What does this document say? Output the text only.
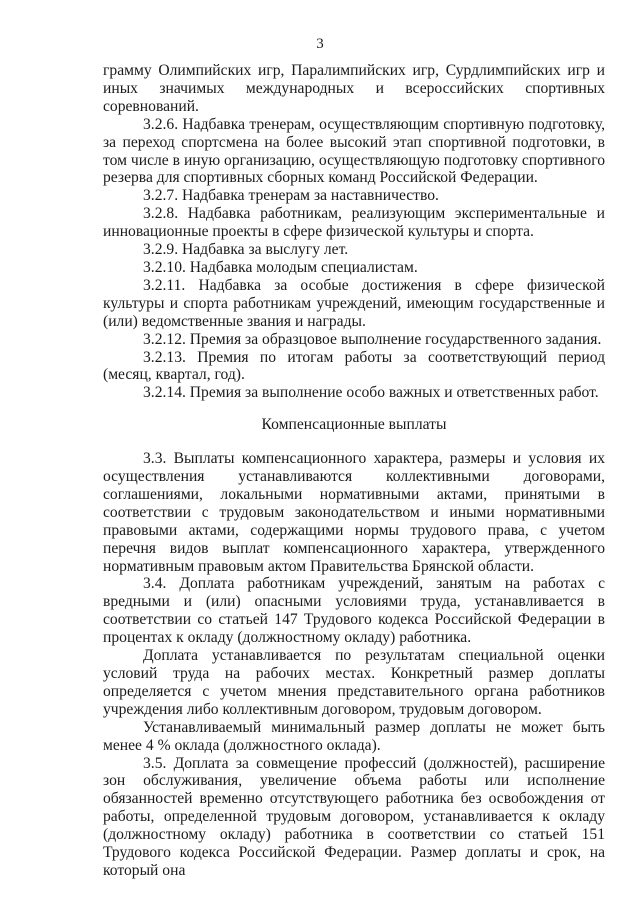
3

грамму Олимпийских игр, Паралимпийских игр, Сурдлимпийских игр и иных значимых международных и всероссийских спортивных соревнований.

3.2.6. Надбавка тренерам, осуществляющим спортивную подготовку, за переход спортсмена на более высокий этап спортивной подготовки, в том числе в иную организацию, осуществляющую подготовку спортивного резерва для спортивных сборных команд Российской Федерации.

3.2.7. Надбавка тренерам за наставничество.

3.2.8. Надбавка работникам, реализующим экспериментальные и инновационные проекты в сфере физической культуры и спорта.

3.2.9. Надбавка за выслугу лет.

3.2.10. Надбавка молодым специалистам.

3.2.11. Надбавка за особые достижения в сфере физической культуры и спорта работникам учреждений, имеющим государственные и (или) ведомственные звания и награды.

3.2.12. Премия за образцовое выполнение государственного задания.

3.2.13. Премия по итогам работы за соответствующий период (месяц, квартал, год).

3.2.14. Премия за выполнение особо важных и ответственных работ.

Компенсационные выплаты

3.3. Выплаты компенсационного характера, размеры и условия их осуществления устанавливаются коллективными договорами, соглашениями, локальными нормативными актами, принятыми в соответствии с трудовым законодательством и иными нормативными правовыми актами, содержащими нормы трудового права, с учетом перечня видов выплат компенсационного характера, утвержденного нормативным правовым актом Правительства Брянской области.

3.4. Доплата работникам учреждений, занятым на работах с вредными и (или) опасными условиями труда, устанавливается в соответствии со статьей 147 Трудового кодекса Российской Федерации в процентах к окладу (должностному окладу) работника.

Доплата устанавливается по результатам специальной оценки условий труда на рабочих местах. Конкретный размер доплаты определяется с учетом мнения представительного органа работников учреждения либо коллективным договором, трудовым договором.

Устанавливаемый минимальный размер доплаты не может быть менее 4 % оклада (должностного оклада).

3.5. Доплата за совмещение профессий (должностей), расширение зон обслуживания, увеличение объема работы или исполнение обязанностей временно отсутствующего работника без освобождения от работы, определенной трудовым договором, устанавливается к окладу (должностному окладу) работника в соответствии со статьей 151 Трудового кодекса Российской Федерации. Размер доплаты и срок, на который она
